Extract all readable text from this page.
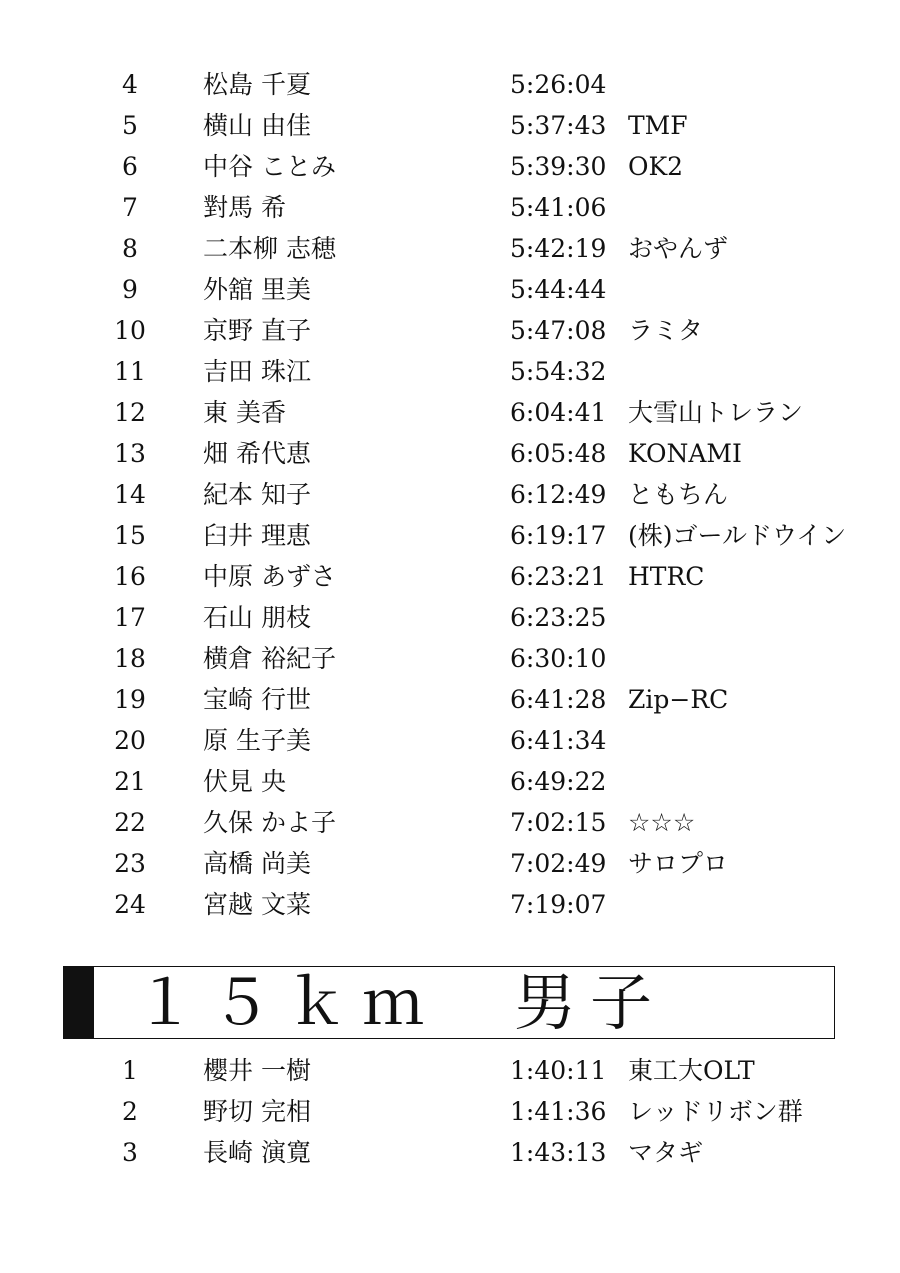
4	松島 千夏	5:26:04
5	横山 由佳	5:37:43 TMF
6	中谷 ことみ	5:39:30 OK2
7	對馬 希	5:41:06
8	二本柳 志穂	5:42:19 おやんず
9	外舘 里美	5:44:44
10	京野 直子	5:47:08 ラミタ
11	吉田 珠江	5:54:32
12	東 美香	6:04:41 大雪山トレラン
13	畑 希代恵	6:05:48 KONAMI
14	紀本 知子	6:12:49 ともちん
15	臼井 理恵	6:19:17 (株)ゴールドウイン
16	中原 あずさ	6:23:21 HTRC
17	石山 朋枝	6:23:25
18	横倉 裕紀子	6:30:10
19	宝崎 行世	6:41:28 Zip−RC
20	原 生子美	6:41:34
21	伏見 央	6:49:22
22	久保 かよ子	7:02:15 ☆☆☆
23	高橋 尚美	7:02:49 サロプロ
24	宮越 文菜	7:19:07
１５ｋｍ　男子
1	櫻井 一樹	1:40:11 東工大OLT
2	野切 完相	1:41:36 レッドリボン群
3	長崎 演寛	1:43:13 マタギ
